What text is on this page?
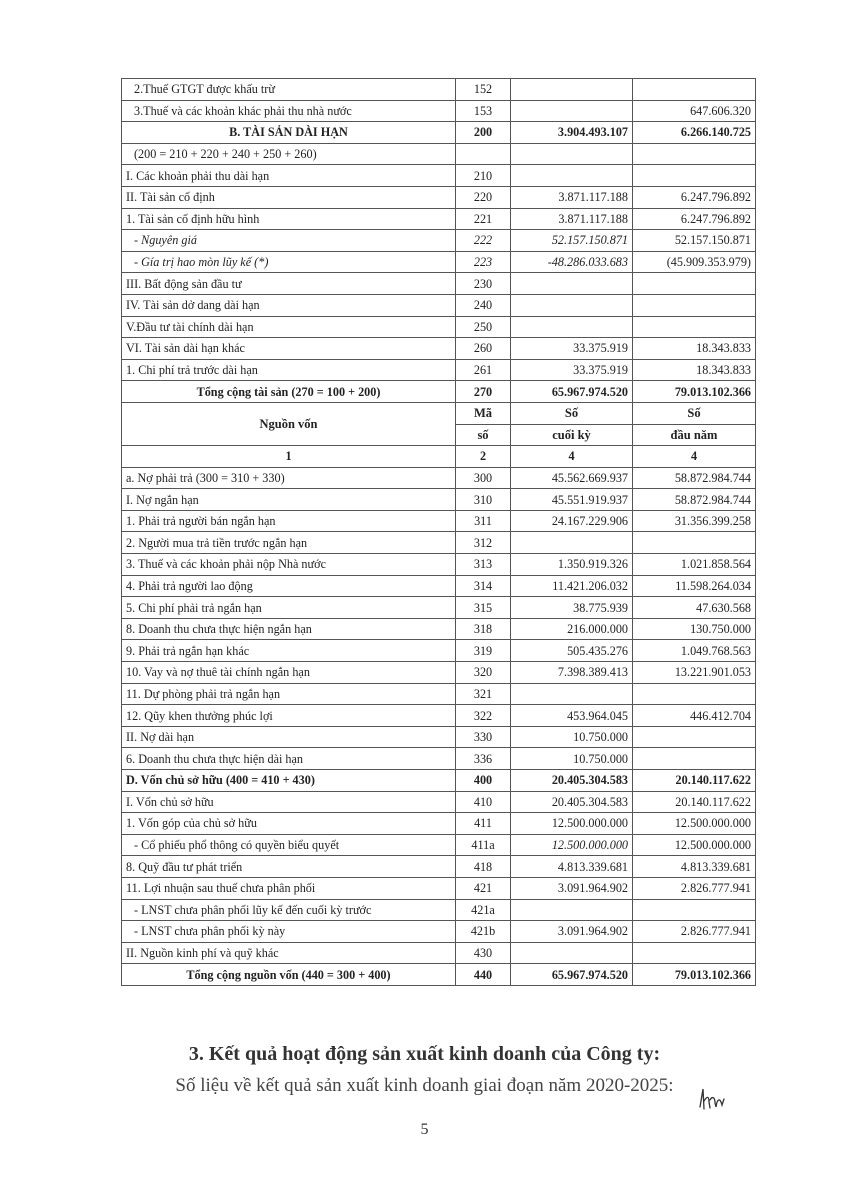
2.Thuế GTGT được khấu trừ	152		
3.Thuế và các khoản khác phải thu nhà nước	153		647.606.320
B. TÀI SẢN DÀI HẠN	200	3.904.493.107	6.266.140.725
(200 = 210 + 220 + 240 + 250 + 260)			
I. Các khoản phải thu dài hạn	210		
II. Tài sản cố định	220	3.871.117.188	6.247.796.892
1. Tài sản cố định hữu hình	221	3.871.117.188	6.247.796.892
- Nguyên giá	222	52.157.150.871	52.157.150.871
- Gía trị hao mòn lũy kế (*)	223	-48.286.033.683	(45.909.353.979)
III. Bất động sản đầu tư	230		
IV. Tài sản dở dang dài hạn	240		
V.Đầu tư tài chính dài hạn	250		
VI. Tài sản dài hạn khác	260	33.375.919	18.343.833
1. Chi phí trả trước dài hạn	261	33.375.919	18.343.833
Tổng cộng tài sản (270 = 100 + 200)	270	65.967.974.520	79.013.102.366
Nguồn vốn	Mã	Số	Số
	số	cuối kỳ	đầu năm
1	2	4	4
a. Nợ phải trả (300 = 310 + 330)	300	45.562.669.937	58.872.984.744
I. Nợ ngắn hạn	310	45.551.919.937	58.872.984.744
1. Phải trả người bán ngắn hạn	311	24.167.229.906	31.356.399.258
2. Người mua trả tiền trước ngắn hạn	312		
3. Thuế và các khoản phải nộp Nhà nước	313	1.350.919.326	1.021.858.564
4. Phải trả người lao động	314	11.421.206.032	11.598.264.034
5. Chi phí phải trả ngắn hạn	315	38.775.939	47.630.568
8. Doanh thu chưa thực hiện ngắn hạn	318	216.000.000	130.750.000
9. Phải trả ngắn hạn khác	319	505.435.276	1.049.768.563
10. Vay và nợ thuê tài chính ngắn hạn	320	7.398.389.413	13.221.901.053
11. Dự phòng phải trả ngắn hạn	321		
12. Qũy khen thưởng phúc lợi	322	453.964.045	446.412.704
II. Nợ dài hạn	330	10.750.000	
6. Doanh thu chưa thực hiện dài hạn	336	10.750.000	
D. Vốn chủ sở hữu (400 = 410 + 430)	400	20.405.304.583	20.140.117.622
I. Vốn chủ sở hữu	410	20.405.304.583	20.140.117.622
1. Vốn góp của chủ sở hữu	411	12.500.000.000	12.500.000.000
- Cổ phiếu phổ thông có quyền biểu quyết	411a	12.500.000.000	12.500.000.000
8. Quỹ đầu tư phát triển	418	4.813.339.681	4.813.339.681
11. Lợi nhuận sau thuế chưa phân phối	421	3.091.964.902	2.826.777.941
- LNST chưa phân phối lũy kế đến cuối kỳ trước	421a		
- LNST chưa phân phối kỳ này	421b	3.091.964.902	2.826.777.941
II. Nguồn kinh phí và quỹ khác	430		
Tổng cộng nguồn vốn (440 = 300 + 400)	440	65.967.974.520	79.013.102.366
3. Kết quả hoạt động sản xuất kinh doanh của Công ty:
Số liệu về kết quả sản xuất kinh doanh giai đoạn năm 2020-2025:
5
